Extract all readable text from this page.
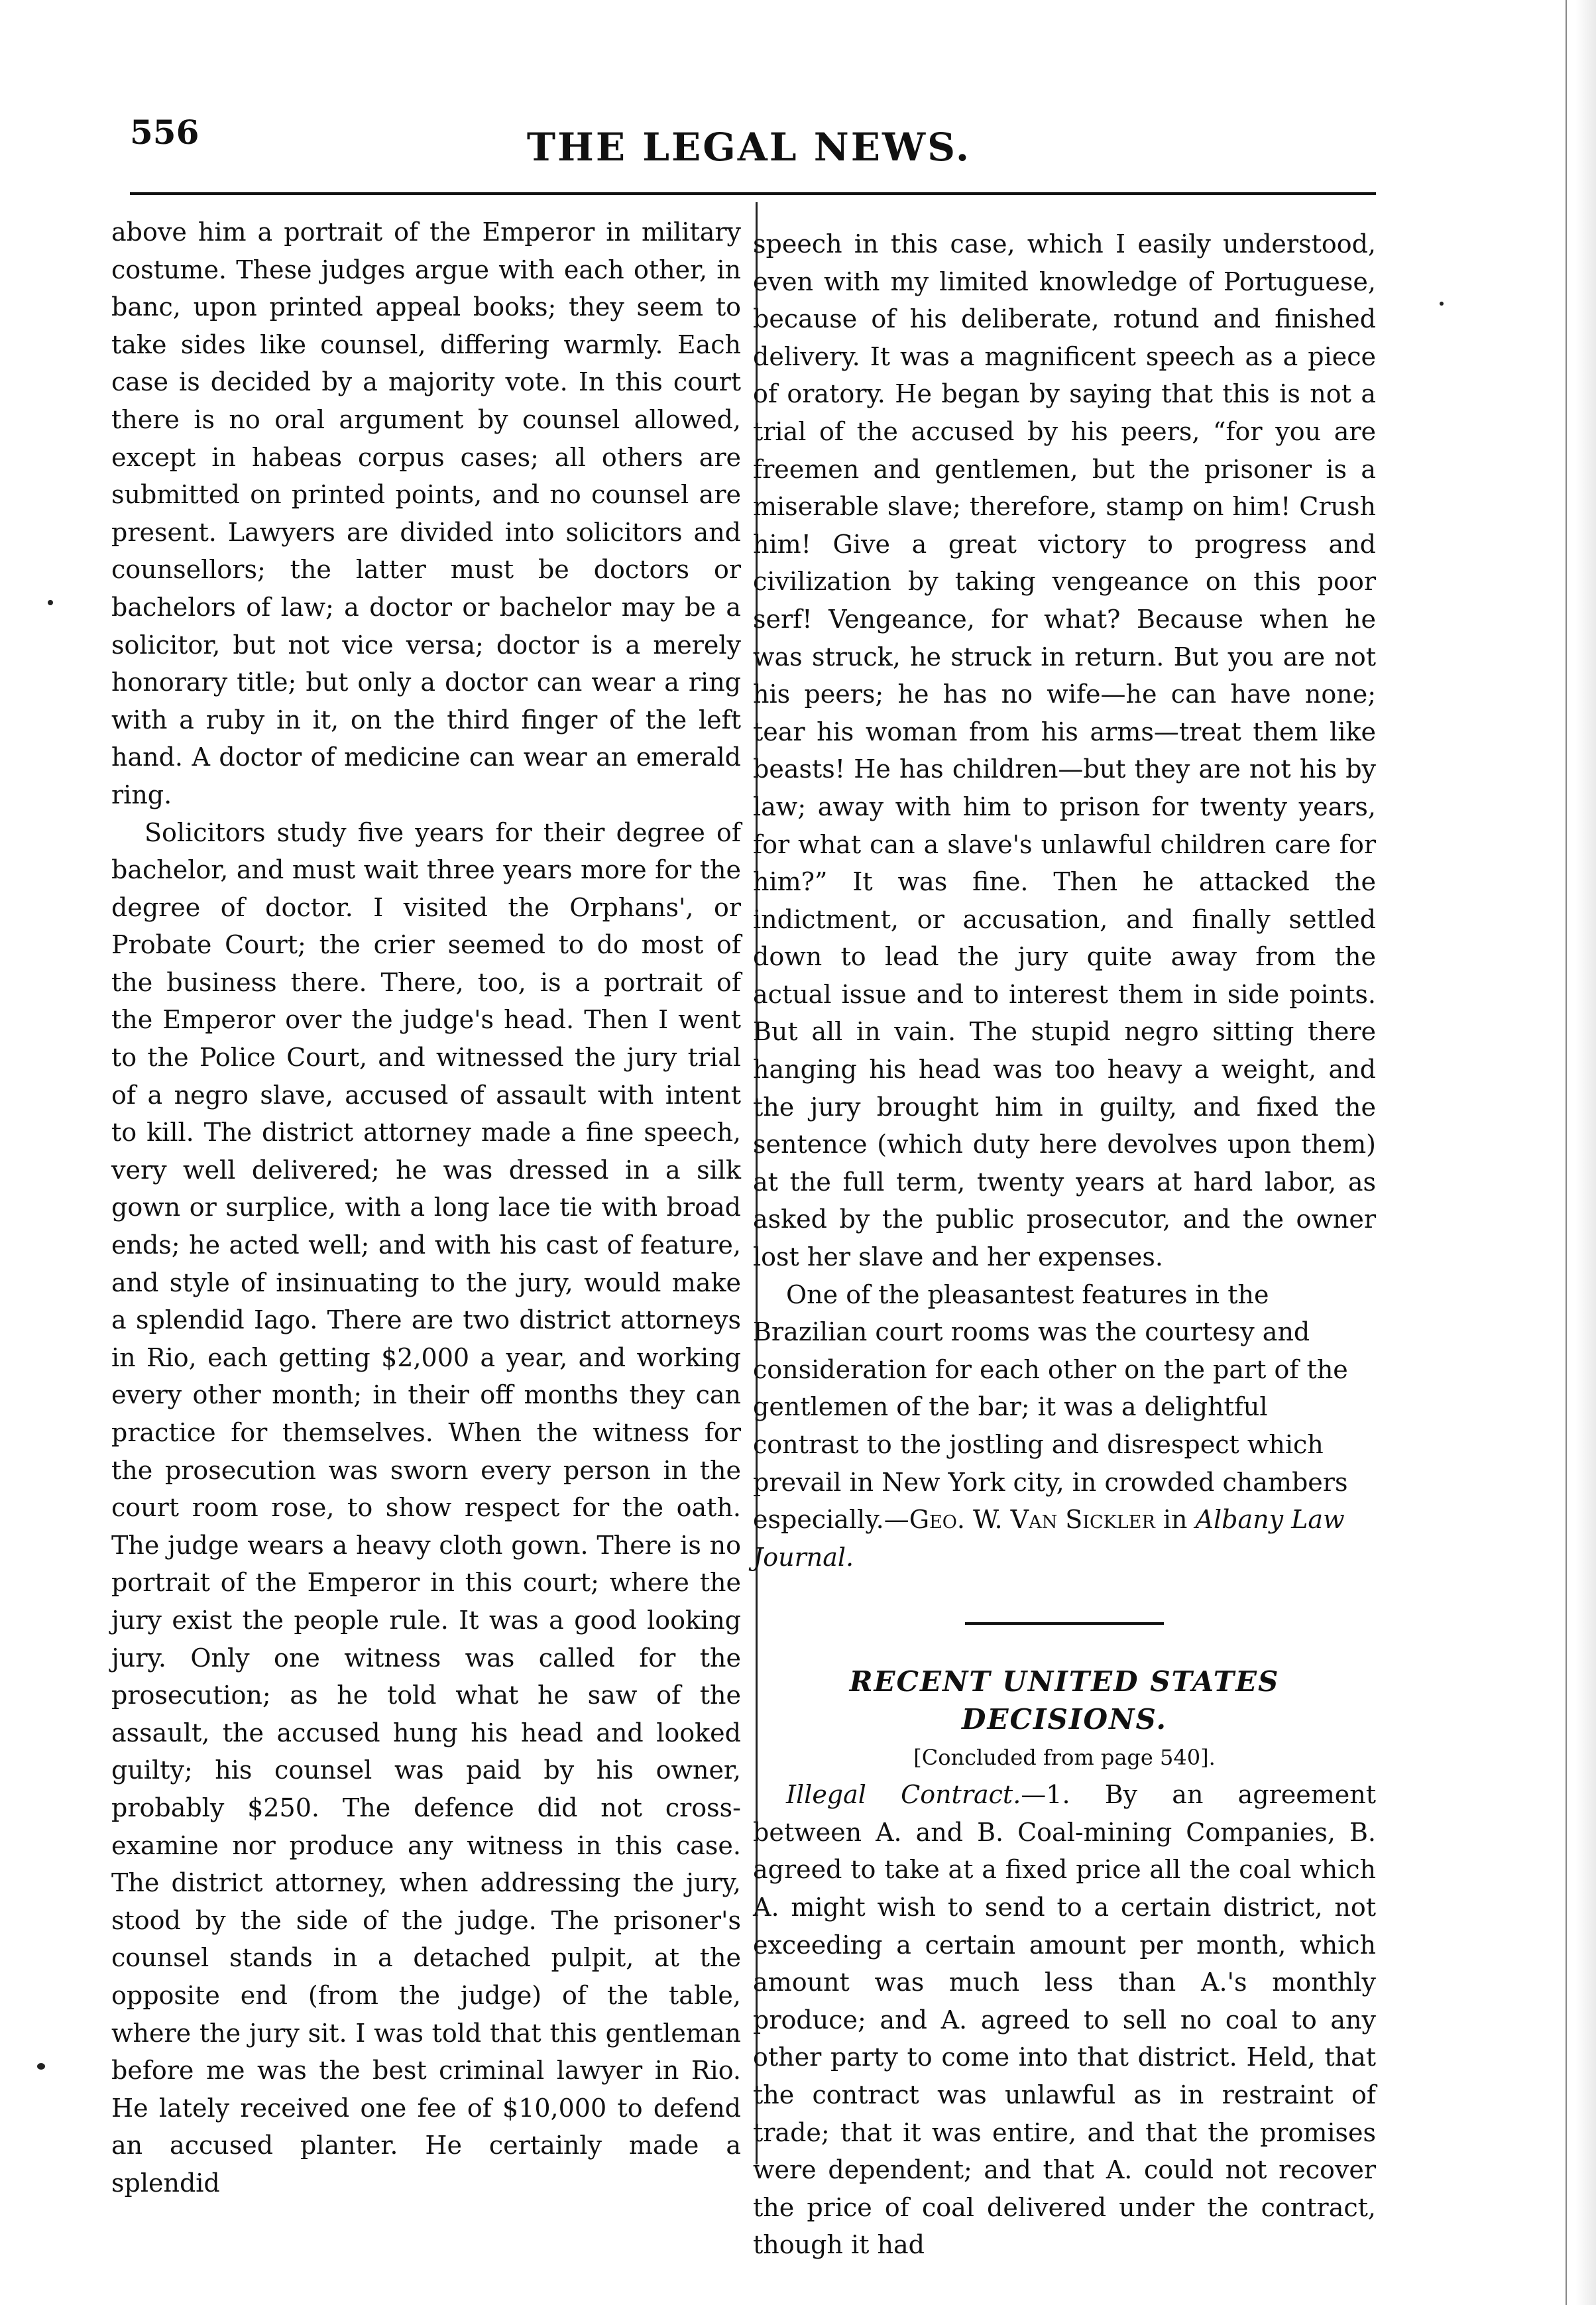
556	THE LEGAL NEWS.

above him a portrait of the Emperor in military costume. These judges argue with each other, in banc, upon printed appeal books; they seem to take sides like counsel, differing warmly. Each case is decided by a majority vote. In this court there is no oral argument by counsel allowed, except in habeas corpus cases; all others are submitted on printed points, and no counsel are present. Lawyers are divided into solicitors and counsellors; the latter must be doctors or bachelors of law; a doctor or bachelor may be a solicitor, but not vice versa; doctor is a merely honorary title; but only a doctor can wear a ring with a ruby in it, on the third finger of the left hand. A doctor of medicine can wear an emerald ring.

Solicitors study five years for their degree of bachelor, and must wait three years more for the degree of doctor. I visited the Orphans', or Probate Court; the crier seemed to do most of the business there. There, too, is a portrait of the Emperor over the judge's head. Then I went to the Police Court, and witnessed the jury trial of a negro slave, accused of assault with intent to kill. The district attorney made a fine speech, very well delivered; he was dressed in a silk gown or surplice, with a long lace tie with broad ends; he acted well; and with his cast of feature, and style of insinuating to the jury, would make a splendid Iago. There are two district attorneys in Rio, each getting $2,000 a year, and working every other month; in their off months they can practice for themselves. When the witness for the prosecution was sworn every person in the court room rose, to show respect for the oath. The judge wears a heavy cloth gown. There is no portrait of the Emperor in this court; where the jury exist the people rule. It was a good looking jury. Only one witness was called for the prosecution; as he told what he saw of the assault, the accused hung his head and looked guilty; his counsel was paid by his owner, probably $250. The defence did not cross-examine nor produce any witness in this case. The district attorney, when addressing the jury, stood by the side of the judge. The prisoner's counsel stands in a detached pulpit, at the opposite end (from the judge) of the table, where the jury sit. I was told that this gentleman before me was the best criminal lawyer in Rio. He lately received one fee of $10,000 to defend an accused planter. He certainly made a splendid

speech in this case, which I easily understood, even with my limited knowledge of Portuguese, because of his deliberate, rotund and finished delivery. It was a magnificent speech as a piece of oratory. He began by saying that this is not a trial of the accused by his peers, “for you are freemen and gentlemen, but the prisoner is a miserable slave; therefore, stamp on him! Crush him! Give a great victory to progress and civilization by taking vengeance on this poor serf! Vengeance, for what? Because when he was struck, he struck in return. But you are not his peers; he has no wife—he can have none; tear his woman from his arms—treat them like beasts! He has children—but they are not his by law; away with him to prison for twenty years, for what can a slave's unlawful children care for him?” It was fine. Then he attacked the indictment, or accusation, and finally settled down to lead the jury quite away from the actual issue and to interest them in side points. But all in vain. The stupid negro sitting there hanging his head was too heavy a weight, and the jury brought him in guilty, and fixed the sentence (which duty here devolves upon them) at the full term, twenty years at hard labor, as asked by the public prosecutor, and the owner lost her slave and her expenses.

One of the pleasantest features in the Brazilian court rooms was the courtesy and consideration for each other on the part of the gentlemen of the bar; it was a delightful contrast to the jostling and disrespect which prevail in New York city, in crowded chambers especially.—Geo. W. Van Sickler in Albany Law Journal.

RECENT UNITED STATES DECISIONS.

[Concluded from page 540].

Illegal Contract.—1. By an agreement between A. and B. Coal-mining Companies, B. agreed to take at a fixed price all the coal which A. might wish to send to a certain district, not exceeding a certain amount per month, which amount was much less than A.'s monthly produce; and A. agreed to sell no coal to any other party to come into that district. Held, that the contract was unlawful as in restraint of trade; that it was entire, and that the promises were dependent; and that A. could not recover the price of coal delivered under the contract, though it had
